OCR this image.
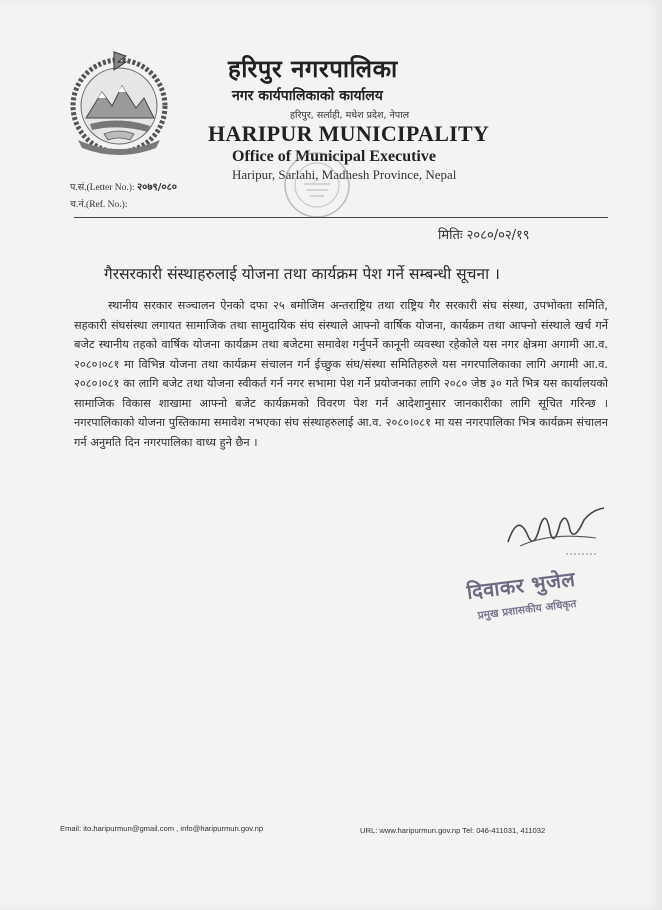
हरिपुर नगरपालिका
नगर कार्यपालिकाको कार्यालय
हरिपुर, सर्लाही, मधेश प्रदेश, नेपाल
HARIPUR MUNICIPALITY
Office of Municipal Executive
Haripur, Sarlahi, Madhesh Province, Nepal
प.सं.(Letter No.): २०७९/०८०
च.नं.(Ref. No.):
मितिः २०८०/०२/१९
गैरसरकारी संस्थाहरुलाई योजना तथा कार्यक्रम पेश गर्ने सम्बन्धी सूचना ।
स्थानीय सरकार सञ्चालन ऐनको दफा २५ बमोजिम अन्तराष्ट्रिय तथा राष्ट्रिय गैर सरकारी संघ संस्था, उपभोक्ता समिति, सहकारी संघसंस्था लगायत सामाजिक तथा सामुदायिक संघ संस्थाले आफ्नो वार्षिक योजना, कार्यक्रम तथा आफ्नो संस्थाले खर्च गर्ने बजेट स्थानीय तहको वार्षिक योजना कार्यक्रम तथा बजेटमा समावेश गर्नुपर्ने कानूनी व्यवस्था रहेकोले यस नगर क्षेत्रमा अगामी आ.व. २०८०।०८१ मा विभिन्न योजना तथा कार्यक्रम संचालन गर्न ईच्छुक संघ/संस्था समितिहरुले यस नगरपालिकाका लागि अगामी आ.व. २०८०।०८१ का लागि बजेट तथा योजना स्वीकर्त गर्न नगर सभामा पेश गर्ने प्रयोजनका लागि २०८० जेष्ठ ३० गते भित्र यस कार्यालयको सामाजिक विकास शाखामा आफ्नो बजेट कार्यक्रमको विवरण पेश गर्न आदेशानुसार जानकारीका लागि सूचित गरिन्छ । नगरपालिकाको योजना पुस्तिकामा समावेश नभएका संघ संस्थाहरुलाई आ.व. २०८०।०८१ मा यस नगरपालिका भित्र कार्यक्रम संचालन गर्न अनुमति दिन नगरपालिका वाध्य हुने छैन ।
दिवाकर भुजेल
प्रमुख प्रशासकीय अधिकृत
Email: ito.haripurmun@gmail.com , info@haripurmun.gov.np	URL: www.haripurmun.gov.np Tel: 046-411031, 411032
